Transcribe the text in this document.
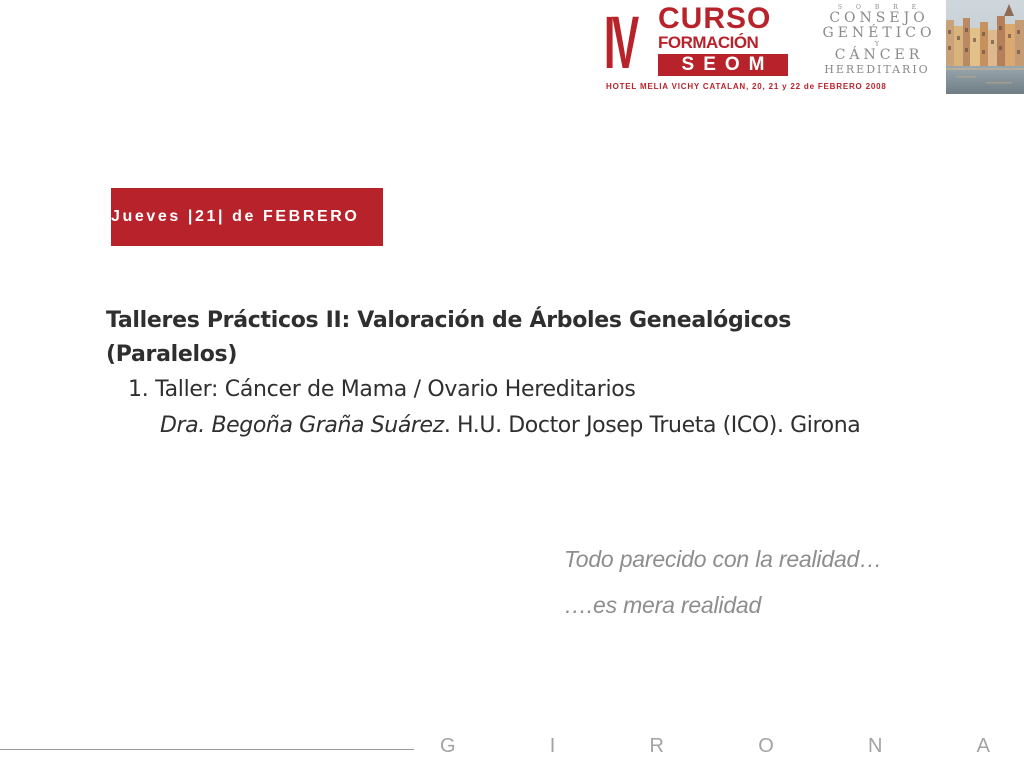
IV CURSO
FORMACIÓN
SEOM
SOBRE
CONSEJO
GENÉTICO
Y
CÁNCER
HEREDITARIO
HOTEL MELIA VICHY CATALAN, 20, 21 y 22 de FEBRERO 2008
Jueves |21| de FEBRERO
Talleres Prácticos II: Valoración de Árboles Genealógicos
(Paralelos)
1. Taller: Cáncer de Mama / Ovario Hereditarios
Dra. Begoña Graña Suárez. H.U. Doctor Josep Trueta (ICO). Girona
Todo parecido con la realidad…
….es mera realidad
G	I	R	O	N	A
